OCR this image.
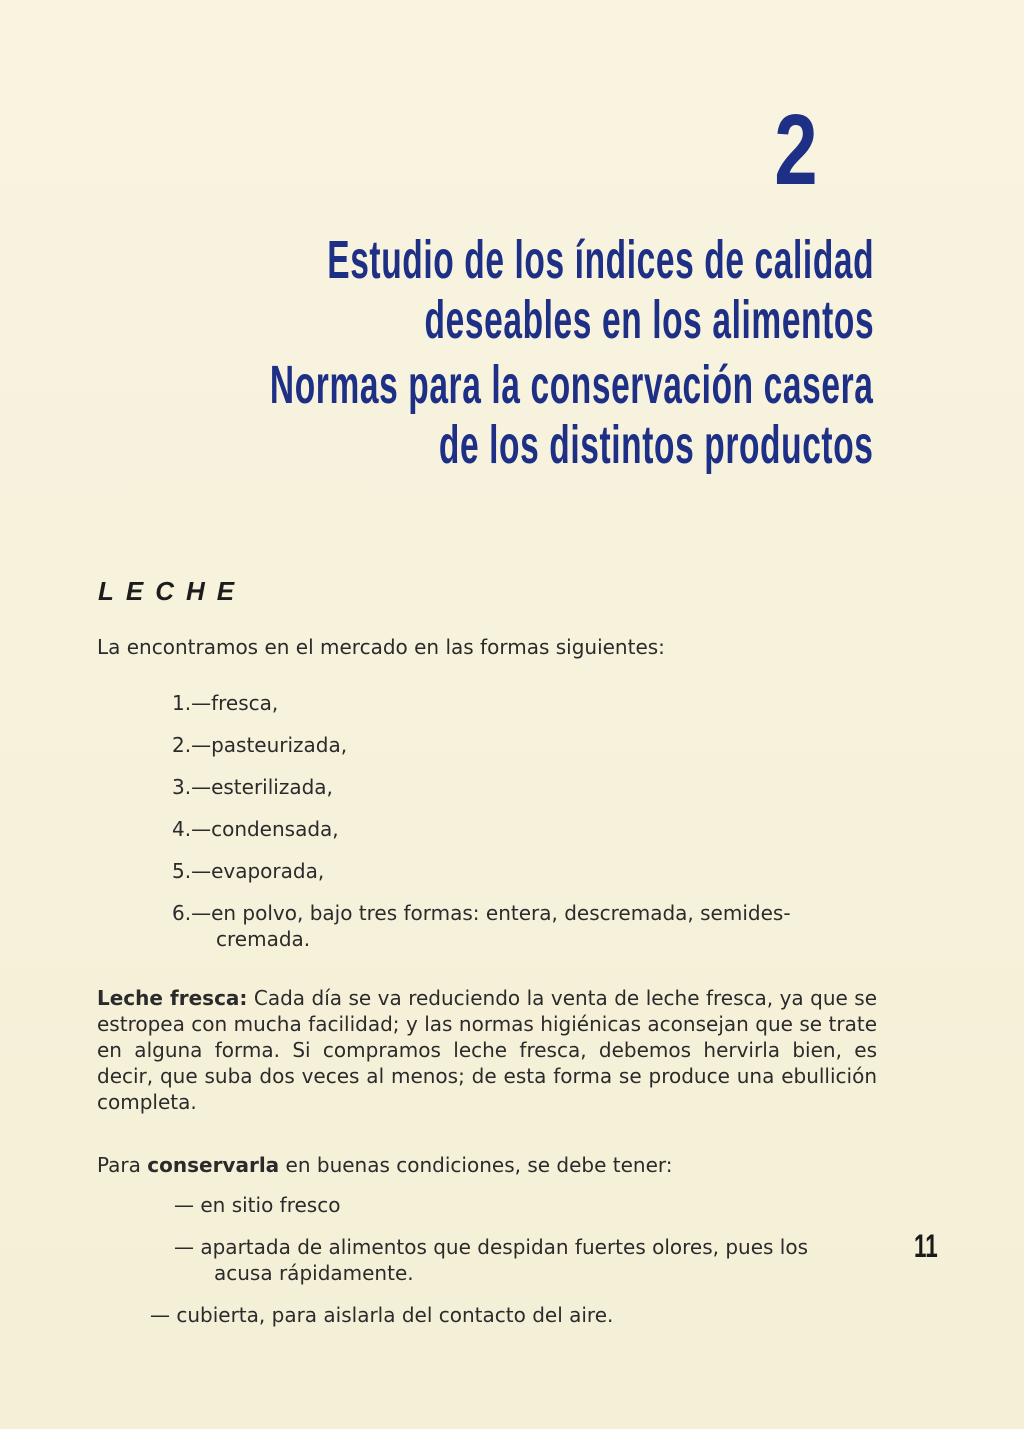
2
Estudio de los índices de calidad
deseables en los alimentos
Normas para la conservación casera
de los distintos productos
LECHE
La encontramos en el mercado en las formas siguientes:
1.—fresca,
2.—pasteurizada,
3.—esterilizada,
4.—condensada,
5.—evaporada,
6.—en polvo, bajo tres formas: entera, descremada, semides-
cremada.
Leche fresca: Cada día se va reduciendo la venta de leche fresca, ya que se estropea con mucha facilidad; y las normas higiénicas aconsejan que se trate en alguna forma. Si compramos leche fresca, debemos hervirla bien, es decir, que suba dos veces al menos; de esta forma se produce una ebullición completa.
Para conservarla en buenas condiciones, se debe tener:
— en sitio fresco
— apartada de alimentos que despidan fuertes olores, pues los
acusa rápidamente.
— cubierta, para aislarla del contacto del aire.
11
